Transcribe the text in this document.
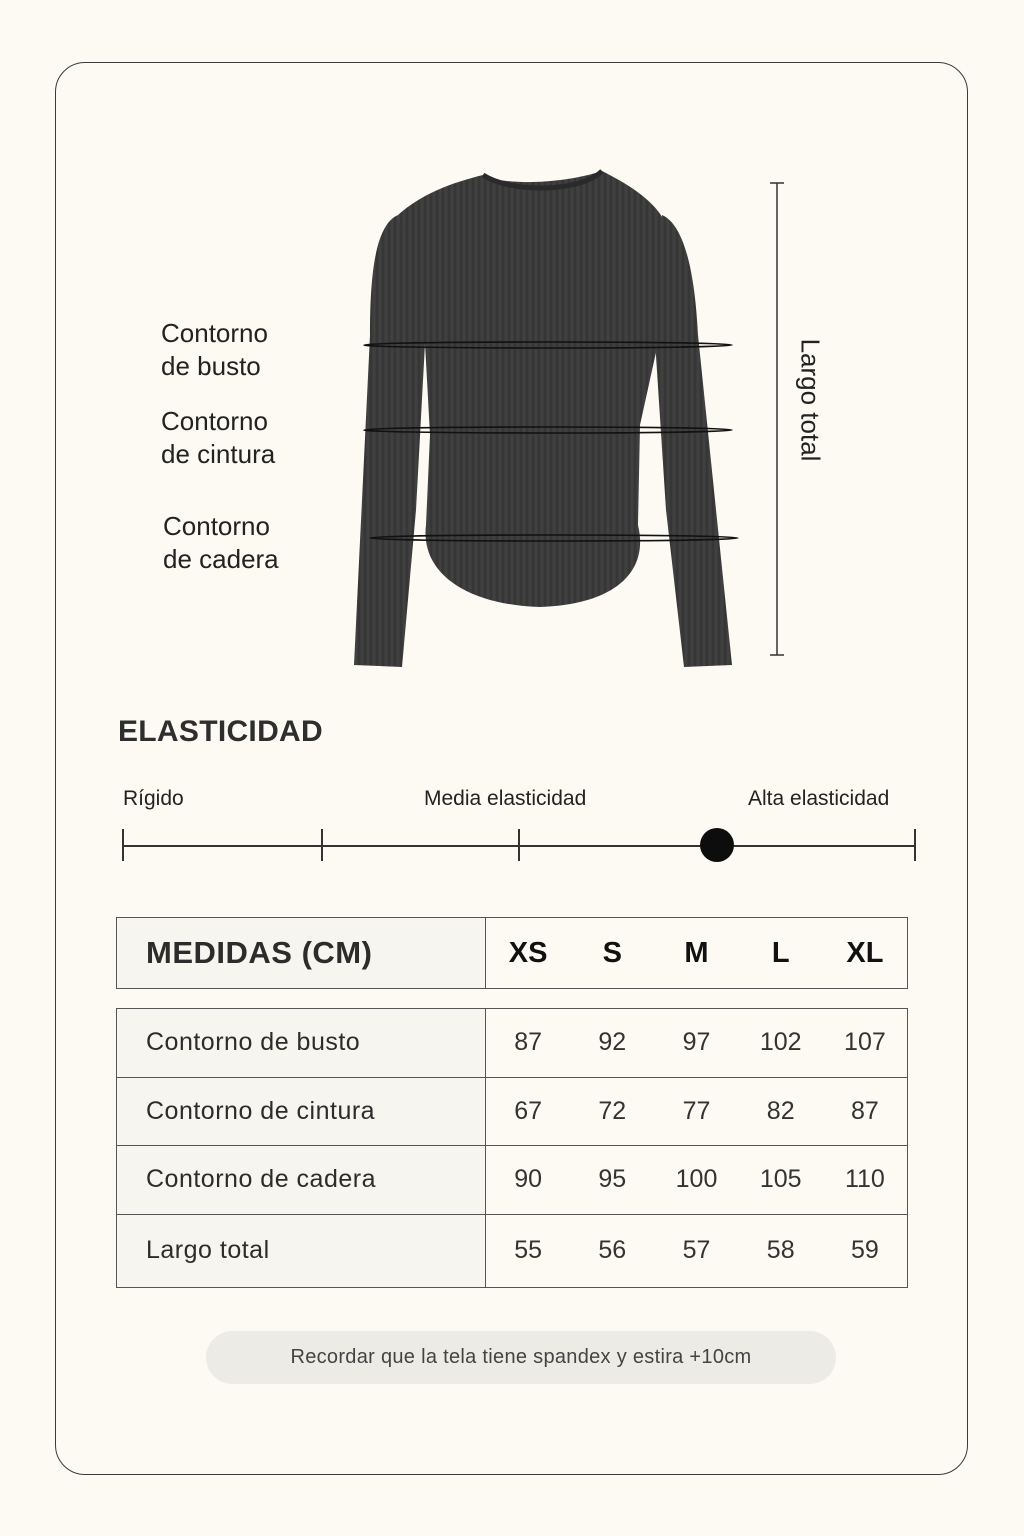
Contorno
de busto
Contorno
de cintura
Contorno
de cadera
Largo total
ELASTICIDAD
Rígido	Media elasticidad	Alta elasticidad
MEDIDAS (CM)	XS	S	M	L	XL
Contorno de busto	87	92	97	102	107
Contorno de cintura	67	72	77	82	87
Contorno de cadera	90	95	100	105	110
Largo total	55	56	57	58	59
Recordar que la tela tiene spandex y estira +10cm
